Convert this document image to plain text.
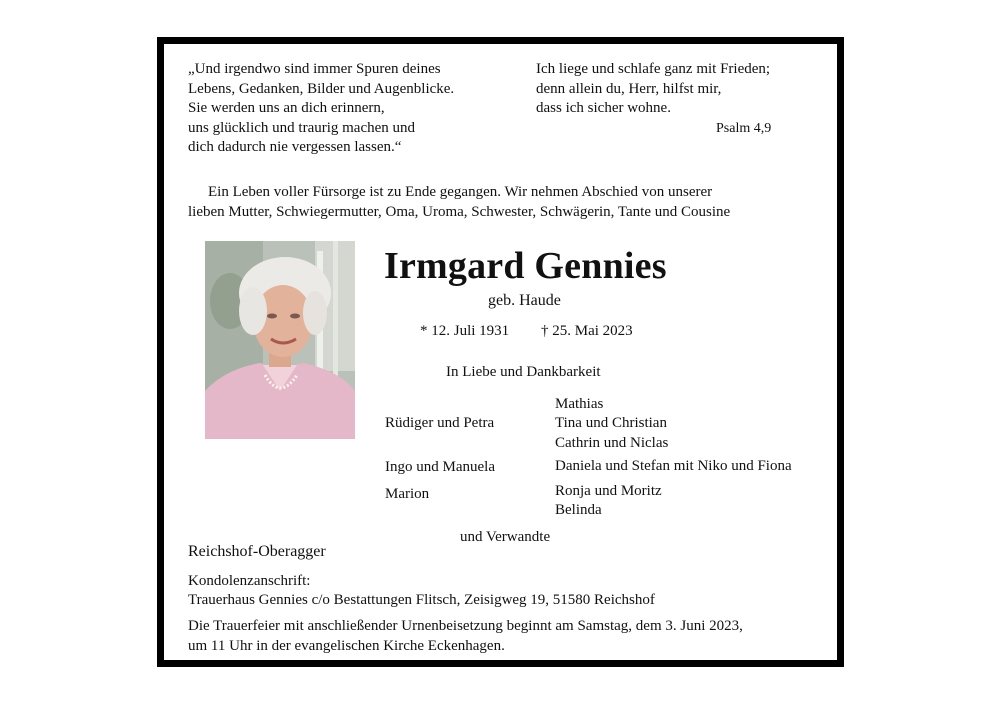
„Und irgendwo sind immer Spuren deines
Lebens, Gedanken, Bilder und Augenblicke.
Sie werden uns an dich erinnern,
uns glücklich und traurig machen und
dich dadurch nie vergessen lassen.“
Ich liege und schlafe ganz mit Frieden;
denn allein du, Herr, hilfst mir,
dass ich sicher wohne.
Psalm 4,9
Ein Leben voller Fürsorge ist zu Ende gegangen. Wir nehmen Abschied von unserer
lieben Mutter, Schwiegermutter, Oma, Uroma, Schwester, Schwägerin, Tante und Cousine
Irmgard Gennies
geb. Haude
* 12. Juli 1931 † 25. Mai 2023
In Liebe und Dankbarkeit
Rüdiger und Petra
Ingo und Manuela
Marion
Mathias
Tina und Christian
Cathrin und Niclas
Daniela und Stefan mit Niko und Fiona
Ronja und Moritz
Belinda
und Verwandte
Reichshof-Oberagger
Kondolenzanschrift:
Trauerhaus Gennies c/o Bestattungen Flitsch, Zeisigweg 19, 51580 Reichshof
Die Trauerfeier mit anschließender Urnenbeisetzung beginnt am Samstag, dem 3. Juni 2023,
um 11 Uhr in der evangelischen Kirche Eckenhagen.
